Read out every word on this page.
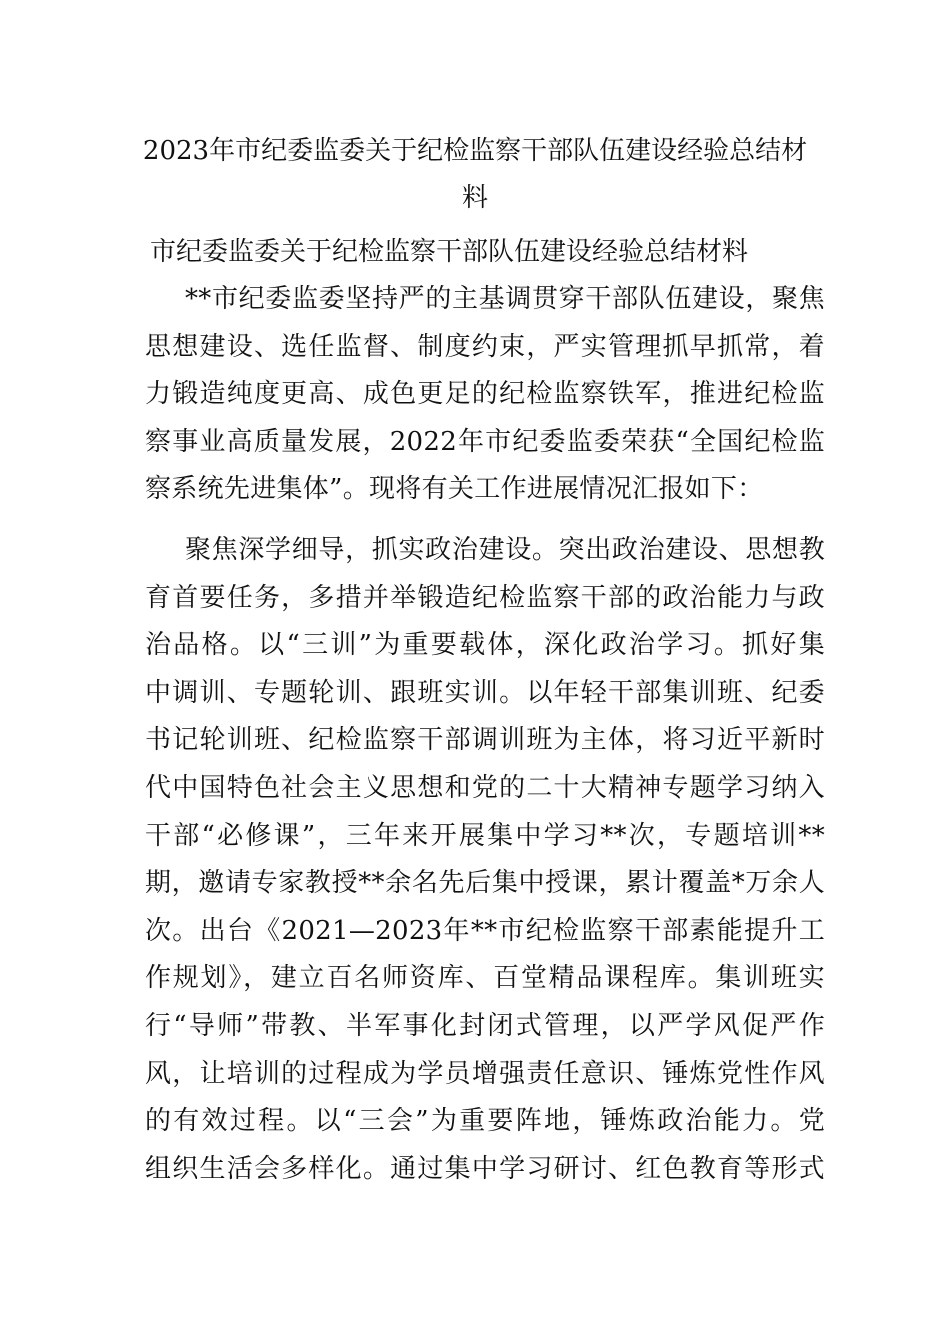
2023年市纪委监委关于纪检监察干部队伍建设经验总结材
料
市纪委监委关于纪检监察干部队伍建设经验总结材料
**市纪委监委坚持严的主基调贯穿干部队伍建设，聚焦
思想建设、选任监督、制度约束，严实管理抓早抓常，着
力锻造纯度更高、成色更足的纪检监察铁军，推进纪检监
察事业高质量发展，2022年市纪委监委荣获“全国纪检监
察系统先进集体”。现将有关工作进展情况汇报如下：
聚焦深学细导，抓实政治建设。突出政治建设、思想教
育首要任务，多措并举锻造纪检监察干部的政治能力与政
治品格。以“三训”为重要载体，深化政治学习。抓好集
中调训、专题轮训、跟班实训。以年轻干部集训班、纪委
书记轮训班、纪检监察干部调训班为主体，将习近平新时
代中国特色社会主义思想和党的二十大精神专题学习纳入
干部“必修课”，三年来开展集中学习**次，专题培训**
期，邀请专家教授**余名先后集中授课，累计覆盖*万余人
次。出台《2021—2023年**市纪检监察干部素能提升工
作规划》，建立百名师资库、百堂精品课程库。集训班实
行“导师”带教、半军事化封闭式管理，以严学风促严作
风，让培训的过程成为学员增强责任意识、锤炼党性作风
的有效过程。以“三会”为重要阵地，锤炼政治能力。党
组织生活会多样化。通过集中学习研讨、红色教育等形式
